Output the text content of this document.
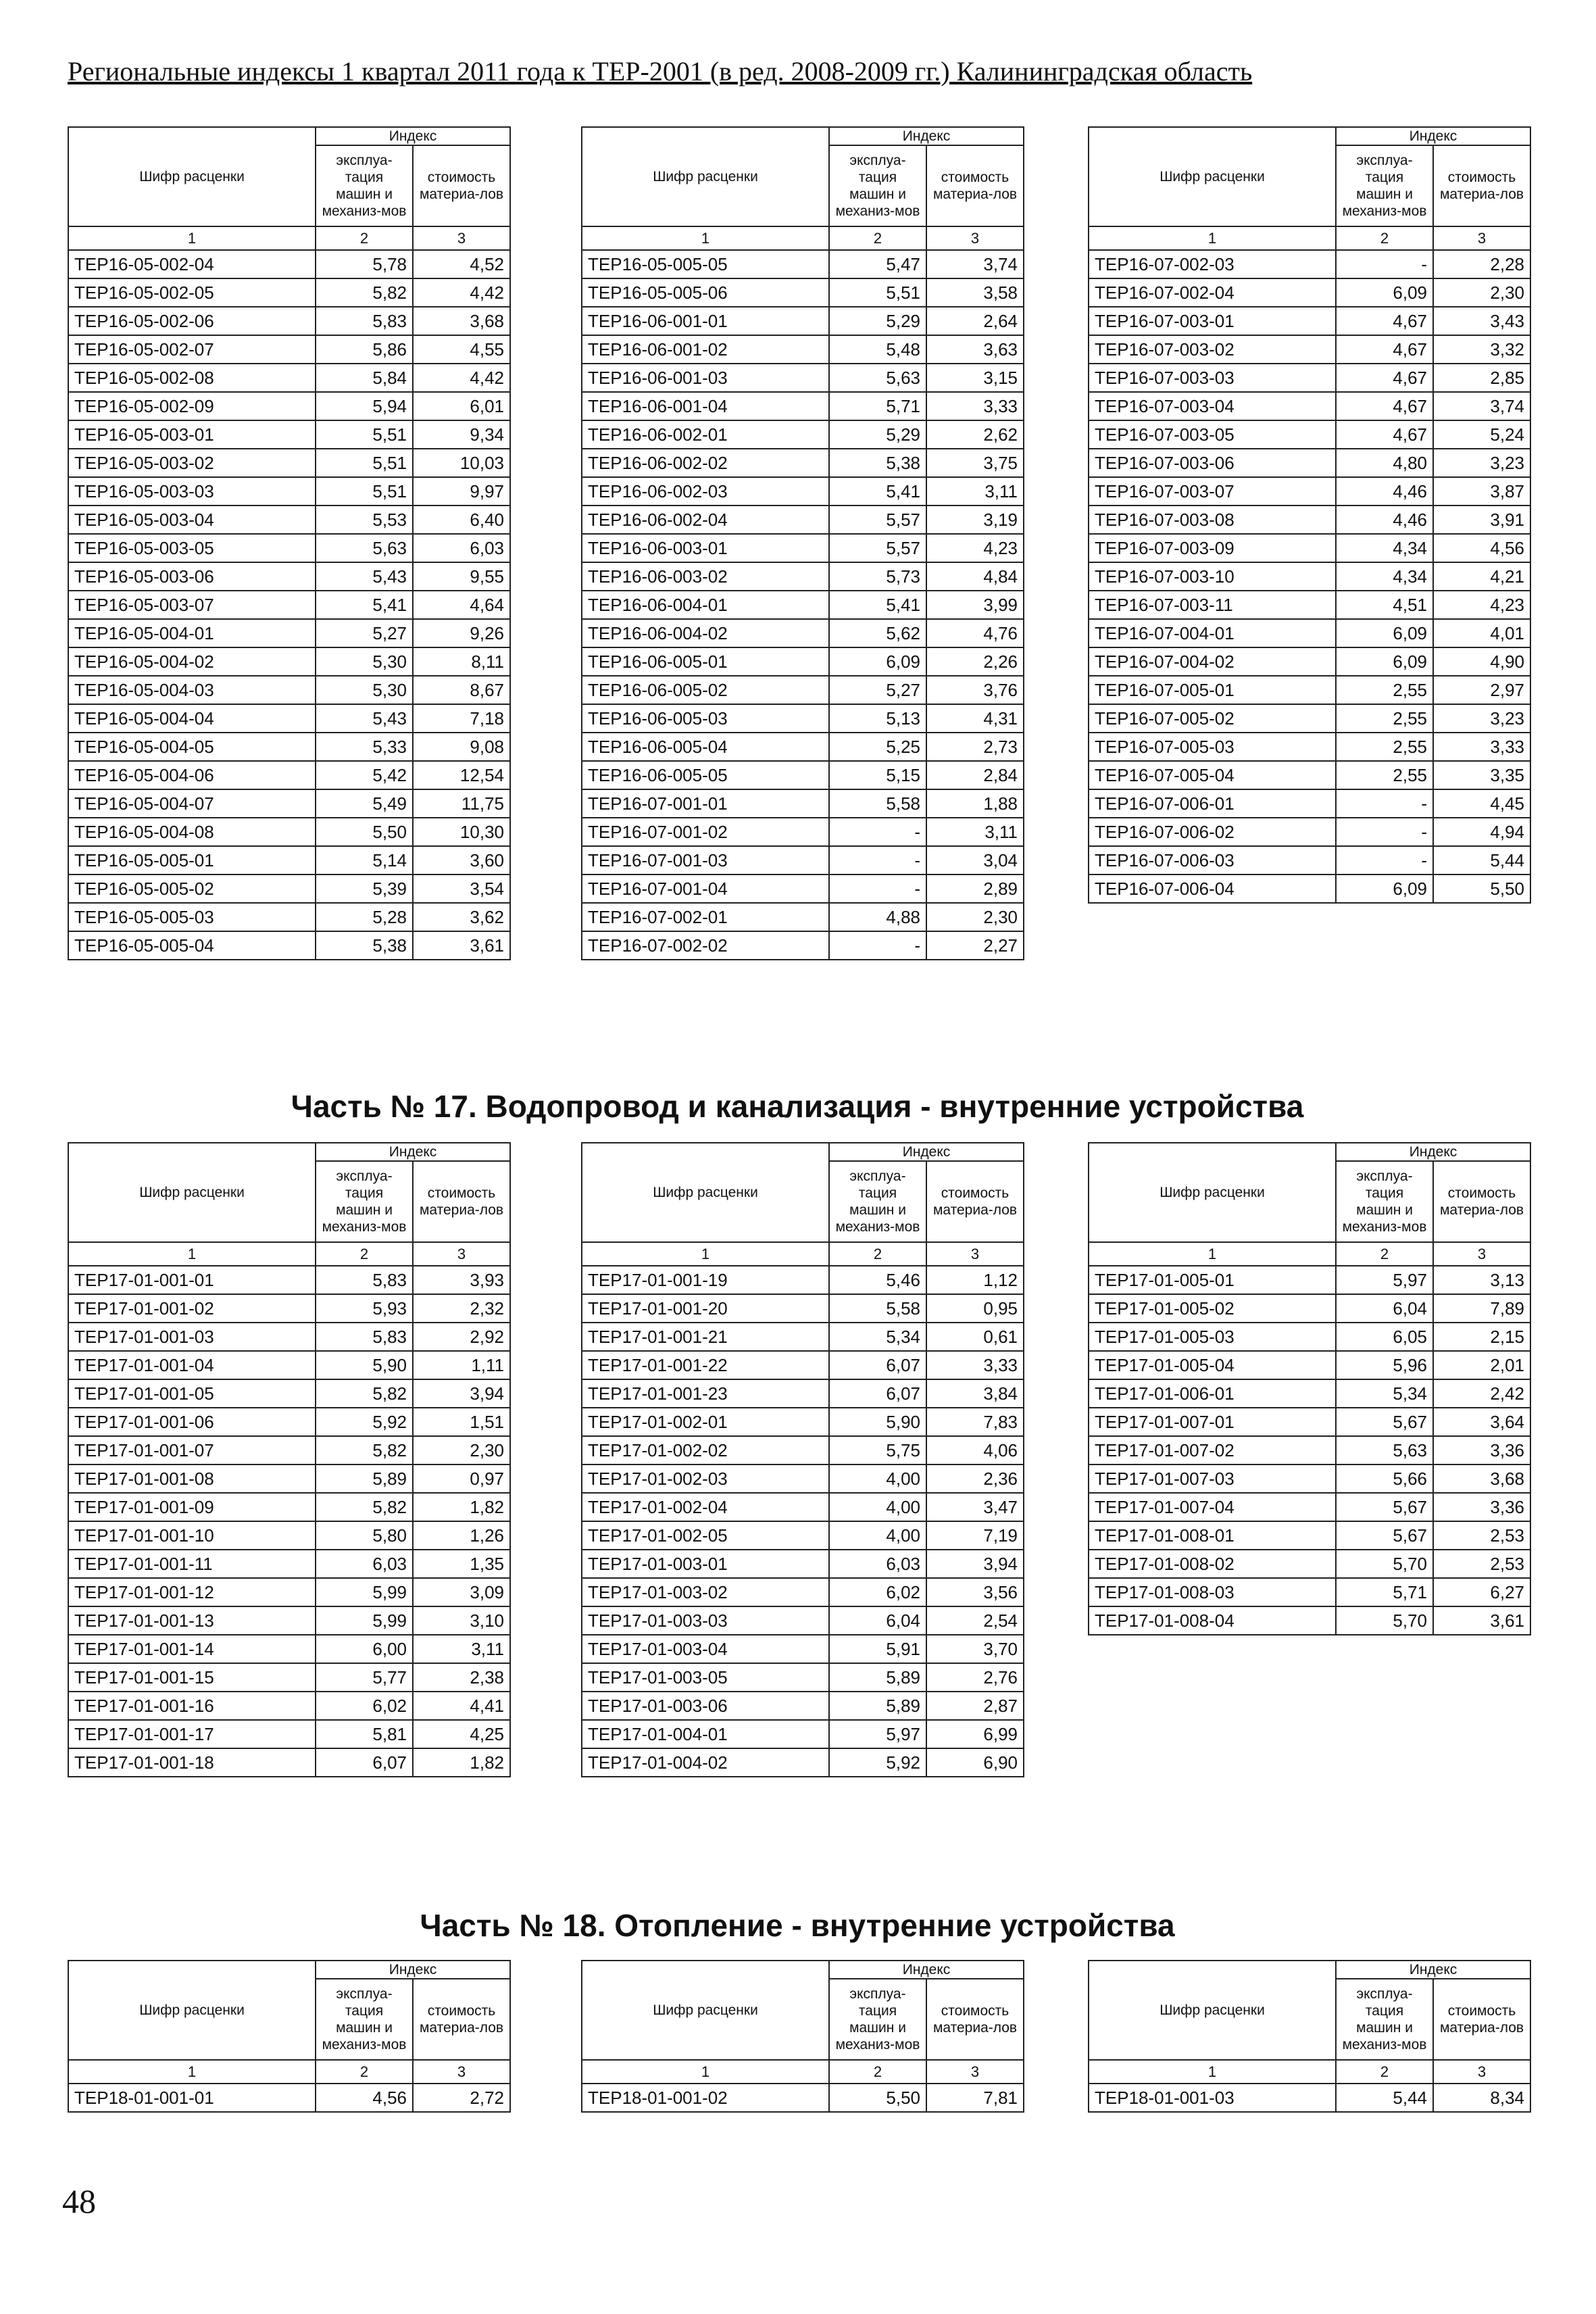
Региональные индексы 1 квартал 2011 года к ТЕР-2001 (в ред. 2008-2009 гг.) Калининградская область
Часть № 17. Водопровод и канализация - внутренние устройства
Часть № 18. Отопление - внутренние устройства
Шифр расценки	Индекс	
	эксплуа-тация машин и механиз-мов	стоимость материа-лов
1	2	3
ТЕР16-05-002-04	5,78	4,52
ТЕР16-05-002-05	5,82	4,42
ТЕР16-05-002-06	5,83	3,68
ТЕР16-05-002-07	5,86	4,55
ТЕР16-05-002-08	5,84	4,42
ТЕР16-05-002-09	5,94	6,01
ТЕР16-05-003-01	5,51	9,34
ТЕР16-05-003-02	5,51	10,03
ТЕР16-05-003-03	5,51	9,97
ТЕР16-05-003-04	5,53	6,40
ТЕР16-05-003-05	5,63	6,03
ТЕР16-05-003-06	5,43	9,55
ТЕР16-05-003-07	5,41	4,64
ТЕР16-05-004-01	5,27	9,26
ТЕР16-05-004-02	5,30	8,11
ТЕР16-05-004-03	5,30	8,67
ТЕР16-05-004-04	5,43	7,18
ТЕР16-05-004-05	5,33	9,08
ТЕР16-05-004-06	5,42	12,54
ТЕР16-05-004-07	5,49	11,75
ТЕР16-05-004-08	5,50	10,30
ТЕР16-05-005-01	5,14	3,60
ТЕР16-05-005-02	5,39	3,54
ТЕР16-05-005-03	5,28	3,62
ТЕР16-05-005-04	5,38	3,61
Шифр расценки	Индекс	
	эксплуа-тация машин и механиз-мов	стоимость материа-лов
1	2	3
ТЕР16-05-005-05	5,47	3,74
ТЕР16-05-005-06	5,51	3,58
ТЕР16-06-001-01	5,29	2,64
ТЕР16-06-001-02	5,48	3,63
ТЕР16-06-001-03	5,63	3,15
ТЕР16-06-001-04	5,71	3,33
ТЕР16-06-002-01	5,29	2,62
ТЕР16-06-002-02	5,38	3,75
ТЕР16-06-002-03	5,41	3,11
ТЕР16-06-002-04	5,57	3,19
ТЕР16-06-003-01	5,57	4,23
ТЕР16-06-003-02	5,73	4,84
ТЕР16-06-004-01	5,41	3,99
ТЕР16-06-004-02	5,62	4,76
ТЕР16-06-005-01	6,09	2,26
ТЕР16-06-005-02	5,27	3,76
ТЕР16-06-005-03	5,13	4,31
ТЕР16-06-005-04	5,25	2,73
ТЕР16-06-005-05	5,15	2,84
ТЕР16-07-001-01	5,58	1,88
ТЕР16-07-001-02	-	3,11
ТЕР16-07-001-03	-	3,04
ТЕР16-07-001-04	-	2,89
ТЕР16-07-002-01	4,88	2,30
ТЕР16-07-002-02	-	2,27
Шифр расценки	Индекс	
	эксплуа-тация машин и механиз-мов	стоимость материа-лов
1	2	3
ТЕР16-07-002-03	-	2,28
ТЕР16-07-002-04	6,09	2,30
ТЕР16-07-003-01	4,67	3,43
ТЕР16-07-003-02	4,67	3,32
ТЕР16-07-003-03	4,67	2,85
ТЕР16-07-003-04	4,67	3,74
ТЕР16-07-003-05	4,67	5,24
ТЕР16-07-003-06	4,80	3,23
ТЕР16-07-003-07	4,46	3,87
ТЕР16-07-003-08	4,46	3,91
ТЕР16-07-003-09	4,34	4,56
ТЕР16-07-003-10	4,34	4,21
ТЕР16-07-003-11	4,51	4,23
ТЕР16-07-004-01	6,09	4,01
ТЕР16-07-004-02	6,09	4,90
ТЕР16-07-005-01	2,55	2,97
ТЕР16-07-005-02	2,55	3,23
ТЕР16-07-005-03	2,55	3,33
ТЕР16-07-005-04	2,55	3,35
ТЕР16-07-006-01	-	4,45
ТЕР16-07-006-02	-	4,94
ТЕР16-07-006-03	-	5,44
ТЕР16-07-006-04	6,09	5,50
Шифр расценки	Индекс	
	эксплуа-тация машин и механиз-мов	стоимость материа-лов
1	2	3
ТЕР17-01-001-01	5,83	3,93
ТЕР17-01-001-02	5,93	2,32
ТЕР17-01-001-03	5,83	2,92
ТЕР17-01-001-04	5,90	1,11
ТЕР17-01-001-05	5,82	3,94
ТЕР17-01-001-06	5,92	1,51
ТЕР17-01-001-07	5,82	2,30
ТЕР17-01-001-08	5,89	0,97
ТЕР17-01-001-09	5,82	1,82
ТЕР17-01-001-10	5,80	1,26
ТЕР17-01-001-11	6,03	1,35
ТЕР17-01-001-12	5,99	3,09
ТЕР17-01-001-13	5,99	3,10
ТЕР17-01-001-14	6,00	3,11
ТЕР17-01-001-15	5,77	2,38
ТЕР17-01-001-16	6,02	4,41
ТЕР17-01-001-17	5,81	4,25
ТЕР17-01-001-18	6,07	1,82
Шифр расценки	Индекс	
	эксплуа-тация машин и механиз-мов	стоимость материа-лов
1	2	3
ТЕР17-01-001-19	5,46	1,12
ТЕР17-01-001-20	5,58	0,95
ТЕР17-01-001-21	5,34	0,61
ТЕР17-01-001-22	6,07	3,33
ТЕР17-01-001-23	6,07	3,84
ТЕР17-01-002-01	5,90	7,83
ТЕР17-01-002-02	5,75	4,06
ТЕР17-01-002-03	4,00	2,36
ТЕР17-01-002-04	4,00	3,47
ТЕР17-01-002-05	4,00	7,19
ТЕР17-01-003-01	6,03	3,94
ТЕР17-01-003-02	6,02	3,56
ТЕР17-01-003-03	6,04	2,54
ТЕР17-01-003-04	5,91	3,70
ТЕР17-01-003-05	5,89	2,76
ТЕР17-01-003-06	5,89	2,87
ТЕР17-01-004-01	5,97	6,99
ТЕР17-01-004-02	5,92	6,90
Шифр расценки	Индекс	
	эксплуа-тация машин и механиз-мов	стоимость материа-лов
1	2	3
ТЕР17-01-005-01	5,97	3,13
ТЕР17-01-005-02	6,04	7,89
ТЕР17-01-005-03	6,05	2,15
ТЕР17-01-005-04	5,96	2,01
ТЕР17-01-006-01	5,34	2,42
ТЕР17-01-007-01	5,67	3,64
ТЕР17-01-007-02	5,63	3,36
ТЕР17-01-007-03	5,66	3,68
ТЕР17-01-007-04	5,67	3,36
ТЕР17-01-008-01	5,67	2,53
ТЕР17-01-008-02	5,70	2,53
ТЕР17-01-008-03	5,71	6,27
ТЕР17-01-008-04	5,70	3,61
Шифр расценки	Индекс	
	эксплуа-тация машин и механиз-мов	стоимость материа-лов
1	2	3
ТЕР18-01-001-01	4,56	2,72
Шифр расценки	Индекс	
	эксплуа-тация машин и механиз-мов	стоимость материа-лов
1	2	3
ТЕР18-01-001-02	5,50	7,81
Шифр расценки	Индекс	
	эксплуа-тация машин и механиз-мов	стоимость материа-лов
1	2	3
ТЕР18-01-001-03	5,44	8,34
48
